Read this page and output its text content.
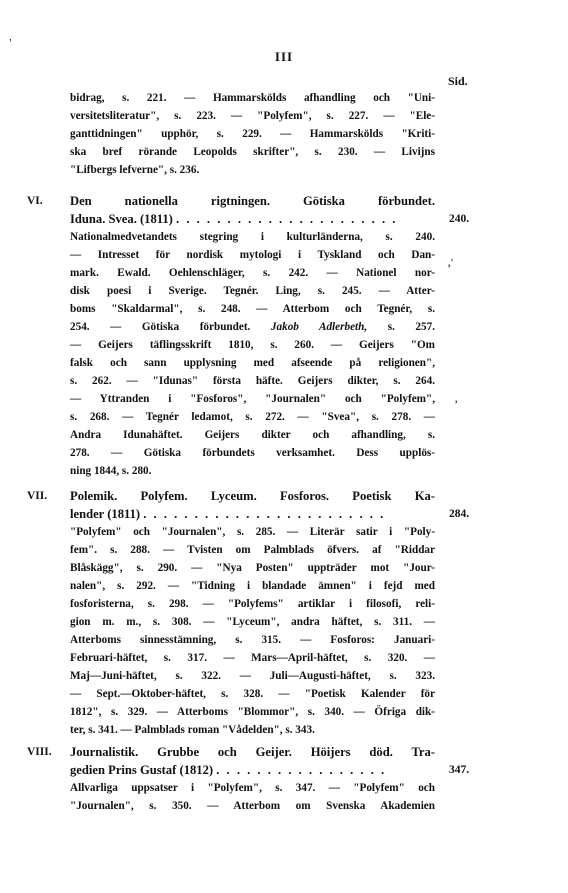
III
Sid.
'
,'
,
bidrag, s. 221. — Hammarskölds afhandling och "Uni-
versitetsliteratur", s. 223. — "Polyfem", s. 227. — "Ele-
ganttidningen" upphör, s. 229. — Hammarskölds "Kriti-
ska bref rörande Leopolds skrifter", s. 230. — Livijns
"Lifbergs lefverne", s. 236.
VI.	Den nationella rigtningen. Götiska förbundet.
Iduna. Svea. (1811) . . . . . . . . . . . . . . . . . . . . . .	240.
Nationalmedvetandets stegring i kulturländerna, s. 240.
— Intresset för nordisk mytologi i Tyskland och Dan-
mark. Ewald. Oehlenschläger, s. 242. — Nationel nor-
disk poesi i Sverige. Tegnér. Ling, s. 245. — Atter-
boms "Skaldarmal", s. 248. — Atterbom och Tegnér, s.
254. — Götiska förbundet. Jakob Adlerbeth, s. 257.
— Geijers täflingsskrift 1810, s. 260. — Geijers "Om
falsk och sann upplysning med afseende på religionen",
s. 262. — "Idunas" första häfte. Geijers dikter, s. 264.
— Yttranden i "Fosforos", "Journalen" och "Polyfem",
s. 268. — Tegnér ledamot, s. 272. — "Svea", s. 278. —
Andra Idunahäftet. Geijers dikter och afhandling, s.
278. — Götiska förbundets verksamhet. Dess upplös-
ning 1844, s. 280.
VII.	Polemik. Polyfem. Lyceum. Fosforos. Poetisk Ka-
lender (1811) . . . . . . . . . . . . . . . . . . . . . . . .	284.
"Polyfem" och "Journalen", s. 285. — Literär satir i "Poly-
fem". s. 288. — Tvisten om Palmblads öfvers. af "Riddar
Blåskägg", s. 290. — "Nya Posten" uppträder mot "Jour-
nalen", s. 292. — "Tidning i blandade ämnen" i fejd med
fosforisterna, s. 298. — "Polyfems" artiklar i filosofi, reli-
gion m. m., s. 308. — "Lyceum", andra häftet, s. 311. —
Atterboms sinnesstämning, s. 315. — Fosforos: Januari-
Februari-häftet, s. 317. — Mars—April-häftet, s. 320. —
Maj—Juni-häftet, s. 322. — Juli—Augusti-häftet, s. 323.
— Sept.—Oktober-häftet, s. 328. — "Poetisk Kalender för
1812", s. 329. — Atterboms "Blommor", s. 340. — Öfriga dik-
ter, s. 341. — Palmblads roman "Vådelden", s. 343.
VIII.	Journalistik. Grubbe och Geijer. Höijers död. Tra-
gedien Prins Gustaf (1812) . . . . . . . . . . . . . . . . .	347.
Allvarliga uppsatser i "Polyfem", s. 347. — "Polyfem" och
"Journalen", s. 350. — Atterbom om Svenska Akademien
